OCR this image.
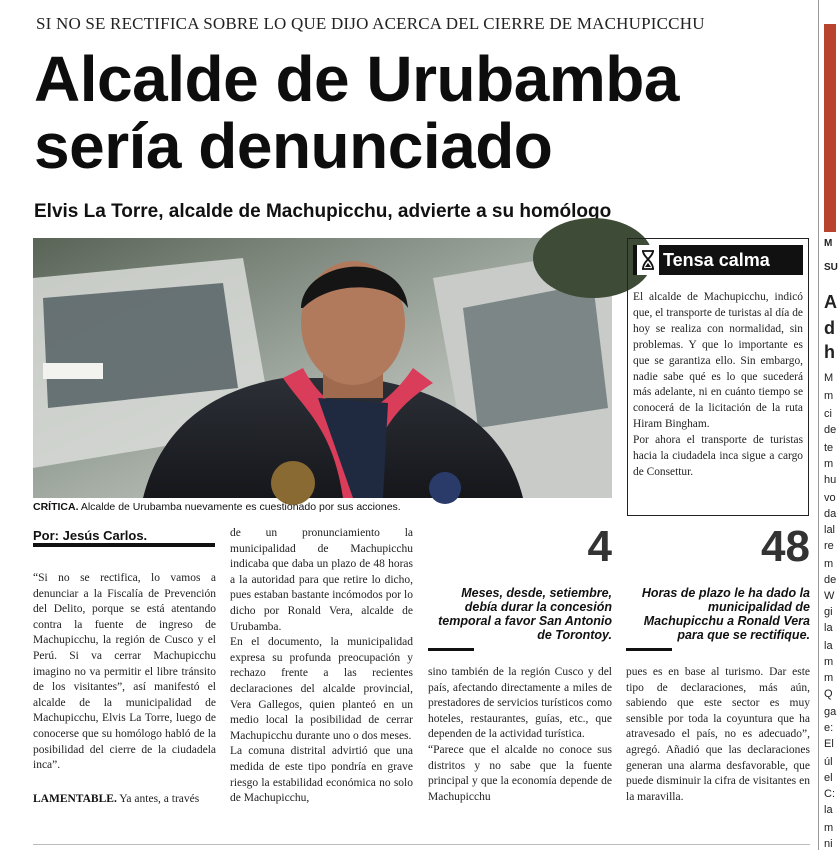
SI NO SE RECTIFICA SOBRE LO QUE DIJO ACERCA DEL CIERRE DE MACHUPICCHU
Alcalde de Urubamba
sería denunciado
Elvis La Torre, alcalde de Machupicchu, advierte a su homólogo
CRÍTICA. Alcalde de Urubamba nuevamente es cuestionado por sus acciones.
Tensa calma

El alcalde de Machupicchu, indicó que, el transporte de turistas al día de hoy se realiza con normalidad, sin problemas. Y que lo importante es que se garantiza ello. Sin embargo, nadie sabe qué es lo que sucederá más adelante, ni en cuánto tiempo se conocerá de la licitación de la ruta Hiram Bingham.

Por ahora el transporte de turistas hacia la ciudadela inca sigue a cargo de Consettur.

Por: Jesús Carlos.

“Si no se rectifica, lo vamos a denunciar a la Fiscalía de Prevención del Delito, porque se está atentando contra la fuente de ingreso de Machupicchu, la región de Cusco y el Perú. Si va cerrar Machupicchu imagino no va permitir el libre tránsito de los visitantes”, así manifestó el alcalde de la municipalidad de Machupicchu, Elvis La Torre, luego de conocerse que su homólogo habló de la posibilidad del cierre de la ciudadela inca”.

LAMENTABLE. Ya antes, a través

de un pronunciamiento la municipalidad de Machupicchu indicaba que daba un plazo de 48 horas a la autoridad para que retire lo dicho, pues estaban bastante incómodos por lo dicho por Ronald Vera, alcalde de Urubamba.

En el documento, la municipalidad expresa su profunda preocupación y rechazo frente a las recientes declaraciones del alcalde provincial, Vera Gallegos, quien planteó en un medio local la posibilidad de cerrar Machupicchu durante uno o dos meses.

La comuna distrital advirtió que una medida de este tipo pondría en grave riesgo la estabilidad económica no solo de Machupicchu,

4
Meses, desde, setiembre, debía durar la concesión temporal a favor San Antonio de Torontoy.
48
Horas de plazo le ha dado la municipalidad de Machupicchu a Ronald Vera para que se rectifique.

sino también de la región Cusco y del país, afectando directamente a miles de prestadores de servicios turísticos como hoteles, restaurantes, guías, etc., que dependen de la actividad turística.

“Parece que el alcalde no conoce sus distritos y no sabe que la fuente principal y que la economía depende de Machupicchu

pues es en base al turismo. Dar este tipo de declaraciones, más aún, sabiendo que este sector es muy sensible por toda la coyuntura que ha atravesado el país, no es adecuado”, agregó. Añadió que las declaraciones generan una alarma desfavorable, que puede disminuir la cifra de visitantes en la maravilla.

M
SU
A
d
h
M
m
ci
de
te
m
hu
vo
da
lal
re
m
de
W
gi
la
la
m
m
Q
ga
e:
El
úl
el
C:
la
m
ni
